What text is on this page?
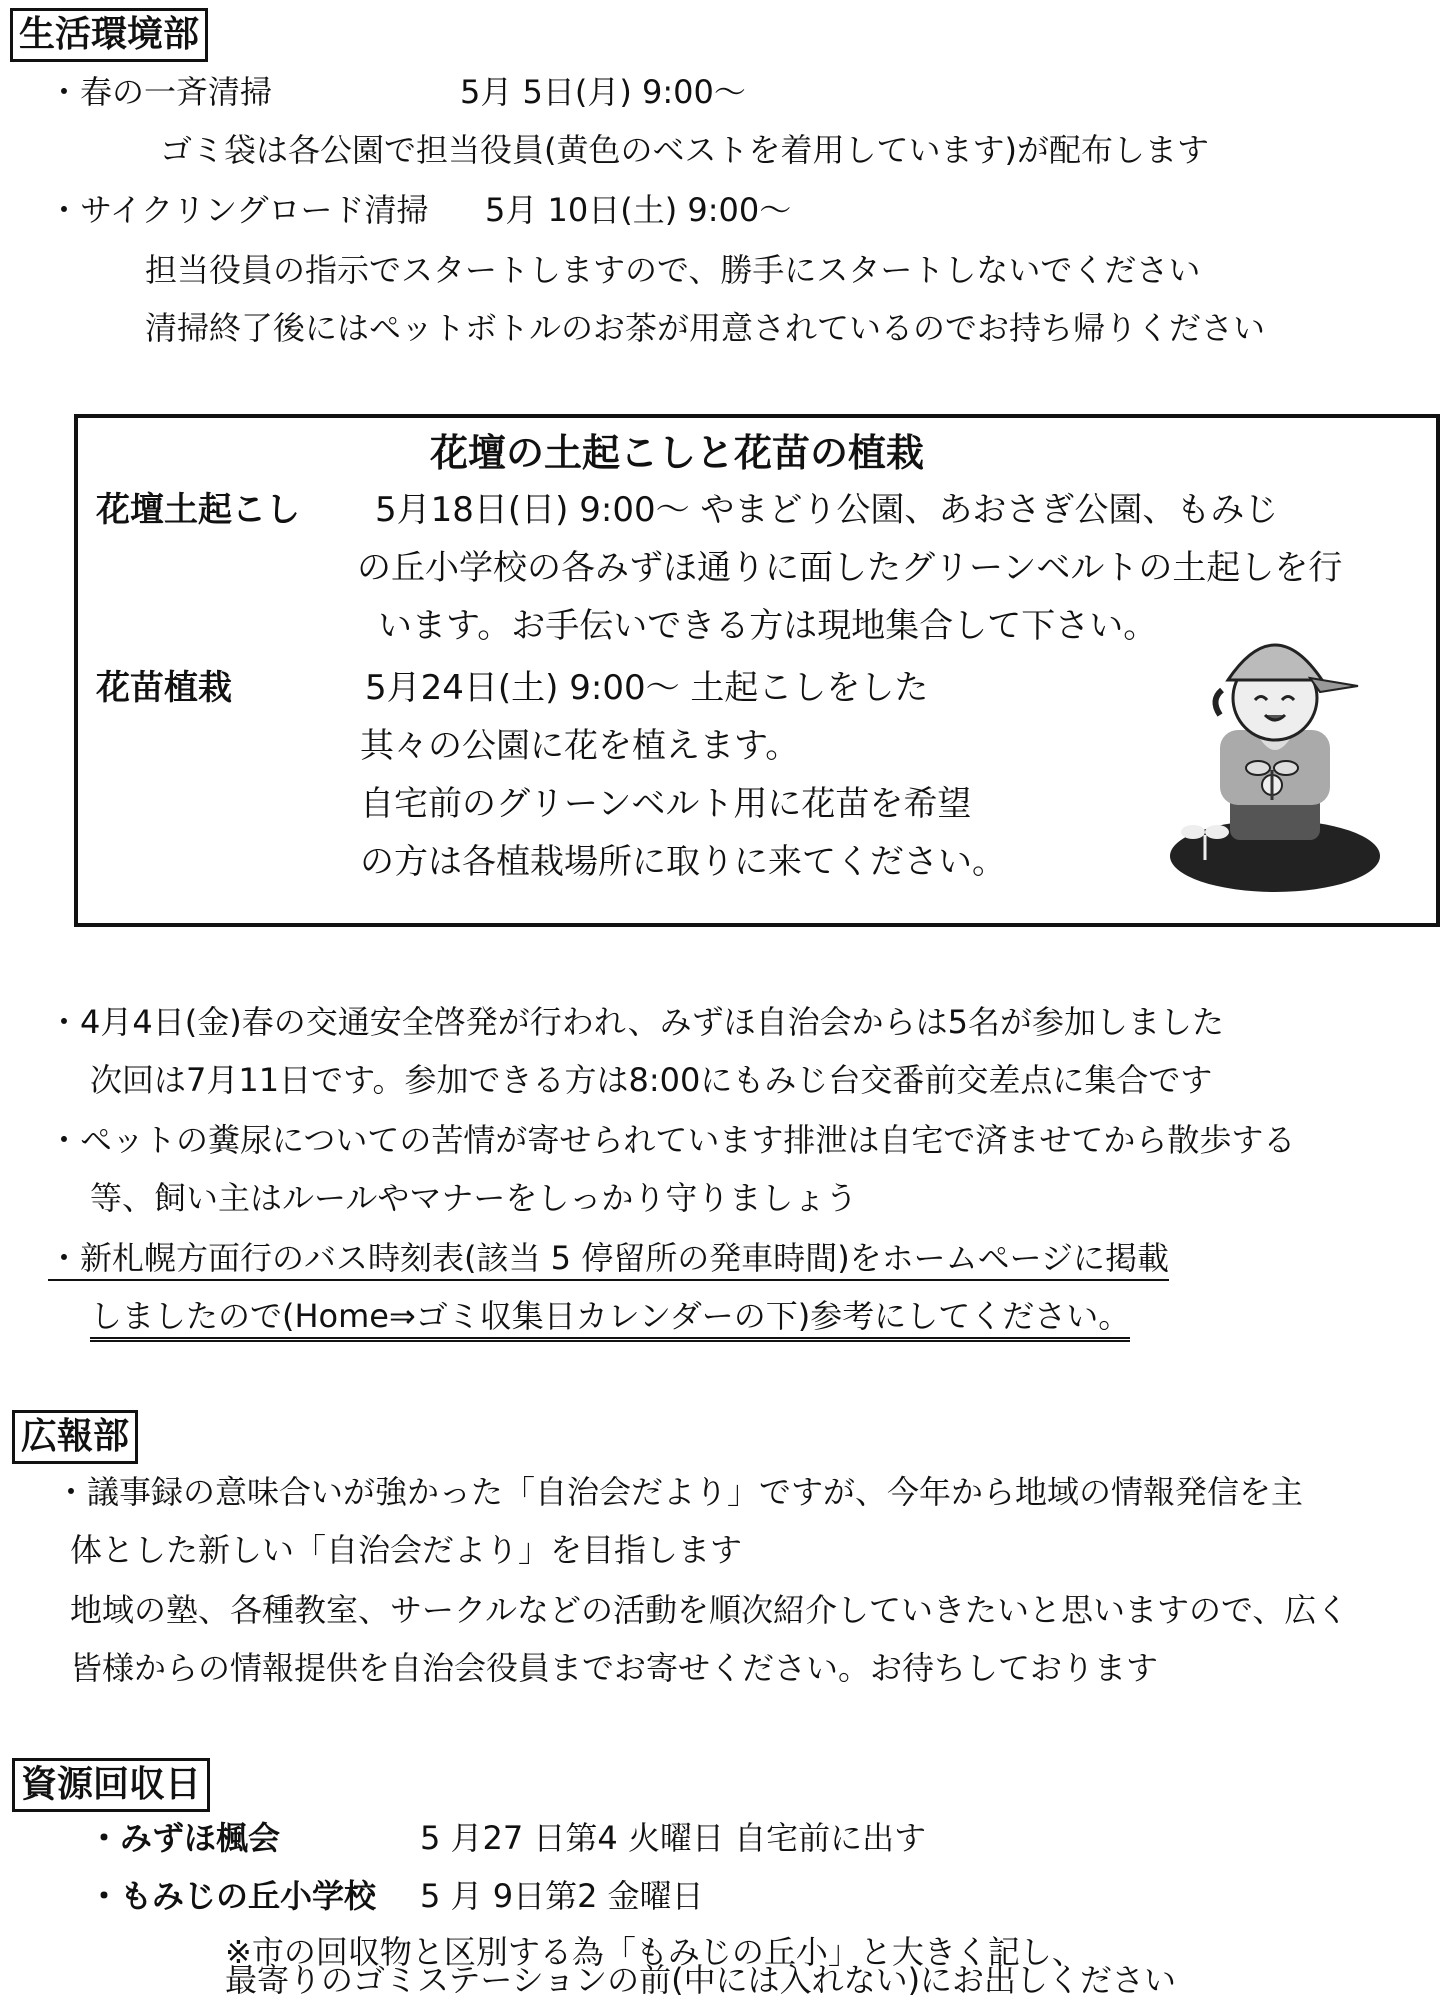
生活環境部
・春の一斉清掃	5月 5日(月) 9:00〜
ゴミ袋は各公園で担当役員(黄色のベストを着用しています)が配布します
・サイクリングロード清掃 5月 10日(土) 9:00〜
担当役員の指示でスタートしますので、勝手にスタートしないでください
清掃終了後にはペットボトルのお茶が用意されているのでお持ち帰りください
花壇の土起こしと花苗の植栽
花壇土起こし 5月18日(日) 9:00〜 やまどり公園、あおさぎ公園、もみじ
の丘小学校の各みずほ通りに面したグリーンベルトの土起しを行
います。お手伝いできる方は現地集合して下さい。
花苗植栽	5月24日(土) 9:00〜 土起こしをした
其々の公園に花を植えます。
自宅前のグリーンベルト用に花苗を希望
の方は各植栽場所に取りに来てください。
・4月4日(金)春の交通安全啓発が行われ、みずほ自治会からは5名が参加しました
次回は7月11日です。参加できる方は8:00にもみじ台交番前交差点に集合です
・ペットの糞尿についての苦情が寄せられています排泄は自宅で済ませてから散歩する
等、飼い主はルールやマナーをしっかり守りましょう
・新札幌方面行のバス時刻表(該当 5 停留所の発車時間)をホームページに掲載
しましたので(Home⇒ゴミ収集日カレンダーの下)参考にしてください。
広報部
・議事録の意味合いが強かった「自治会だより」ですが、今年から地域の情報発信を主
体とした新しい「自治会だより」を目指します
地域の塾、各種教室、サークルなどの活動を順次紹介していきたいと思いますので、広く
皆様からの情報提供を自治会役員までお寄せください。お待ちしております
資源回収日
・みずほ楓会	5 月27 日第4 火曜日 自宅前に出す
・もみじの丘小学校 5 月 9日第2 金曜日
※市の回収物と区別する為「もみじの丘小」と大きく記し、
最寄りのゴミステーションの前(中には入れない)にお出しください
